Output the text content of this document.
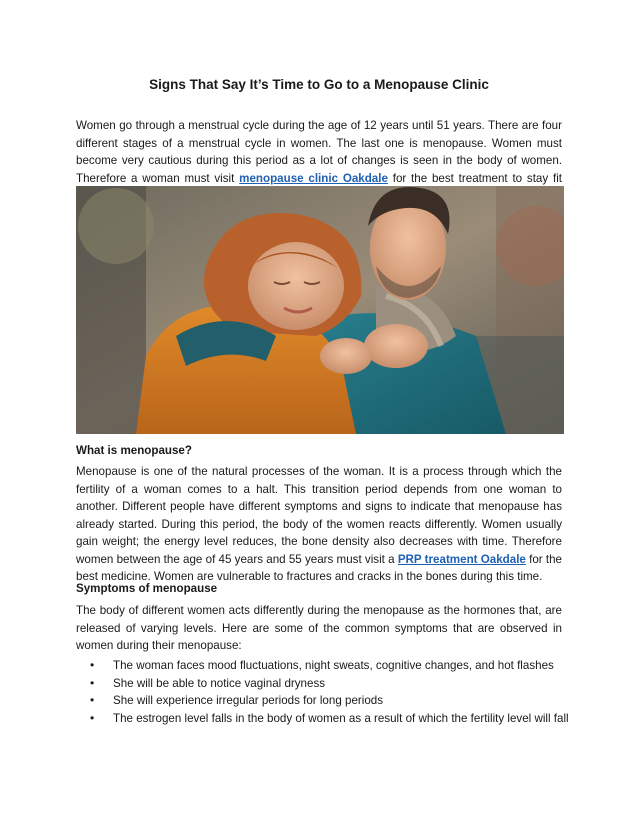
Signs That Say It’s Time to Go to a Menopause Clinic

Women go through a menstrual cycle during the age of 12 years until 51 years. There are four different stages of a menstrual cycle in women. The last one is menopause. Women must become very cautious during this period as a lot of changes is seen in the body of women. Therefore a woman must visit menopause clinic Oakdale for the best treatment to stay fit

What is menopause?

Menopause is one of the natural processes of the woman. It is a process through which the fertility of a woman comes to a halt. This transition period depends from one woman to another. Different people have different symptoms and signs to indicate that menopause has already started. During this period, the body of the women reacts differently. Women usually gain weight; the energy level reduces, the bone density also decreases with time. Therefore women between the age of 45 years and 55 years must visit a PRP treatment Oakdale for the best medicine. Women are vulnerable to fractures and cracks in the bones during this time.

Symptoms of menopause

The body of different women acts differently during the menopause as the hormones that, are released of varying levels. Here are some of the common symptoms that are observed in women during their menopause:

• The woman faces mood fluctuations, night sweats, cognitive changes, and hot flashes
• She will be able to notice vaginal dryness
• She will experience irregular periods for long periods
• The estrogen level falls in the body of women as a result of which the fertility level will fall
